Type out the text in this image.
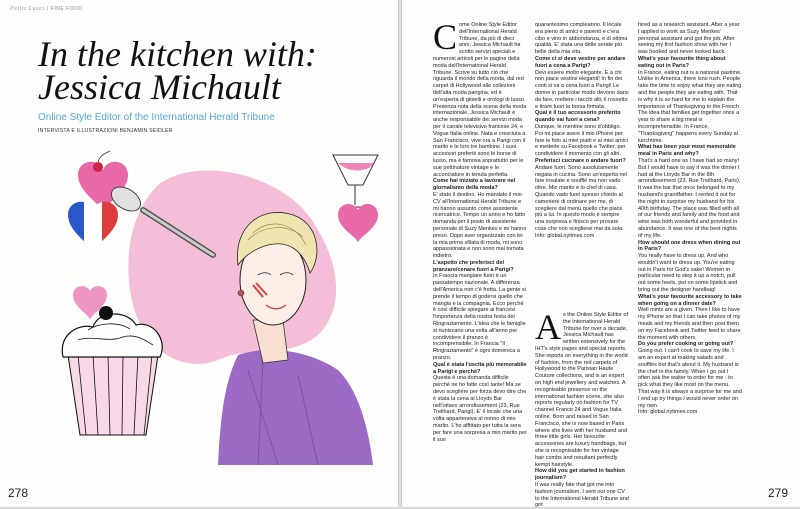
Petits Luxes | FINE FOOD
In the kitchen with:
Jessica Michault
Online Style Editor of the International Herald Tribune
INTERVISTA E ILLUSTRAZIONI BENJAMIN SEIDLER
278

Come Online Style Editor dell'International Herald Tribune, da più di dieci anni, Jessica Michault ha scritto servizi speciali e numerosi articoli per le pagine della moda dell'International Herald Tribune. Scrive su tutto ciò che riguarda il mondo della moda, dal red carpet di Hollywood alle collezioni dell'alta moda parigina, ed è un'esperta di gioielli e orologi di lusso. Presenza nota della scena della moda internazionale, Jessica Michault è anche responsabile dei servizi moda per il canale televisivo francese 24, e Vogue Italia online. Nata e cresciuta a San Francisco, vive ora a Parigi con il marito e le loro tre bambine. I suoi accessori preferiti sono le borse di lusso, ma è famosa soprattutto per le sue pettinature vintage e le acconciature in tenuta perfetta.

Come hai iniziato a lavorare nel giornalismo della moda?

E' stato il destino. Ho mandato il mio CV all'International Herald Tribune e mi hanno assunto come assistente ricercatrice. Tempo un anno e ho fatto domanda per il posto di assistente personale di Suzy Menkes e mi hanno preso. Dopo aver organizzato con lei la mia prima sfilata di moda, mi sono appassionata e non sono mai tornata indietro.

L'aspetto che preferisci del pranzare/cenare fuori a Parigi?

In Francia mangiare fuori è un passatempo nazionale. A differenza dell'America non c'è fretta. La gente si prende il tempo di godersi quello che mangia e la compagnia. Ecco perché è così difficile spiegare ai francesi l'importanza della nostra festa del Ringraziamento. L'idea che le famiglie si riuniscano una volta all'anno per condividere il pranzo è incomprensibile. In Francia "Il Ringraziamento" è ogni domenica a pranzo.

Qual è stata l'uscita più memorabile a Parigi e perché?

Questa è una domanda difficile perché ne ho fatte così tante! Ma se devo scegliere per forza devo dire che è stata la cena al Lloyds Bar nell'ottavo arrondissement (23, Rue Treilhard, Parigi). E' il locale che una volta apparteneva al nonno di mio marito. L'ho affittato per tutta la sera per fare una sorpresa a mio marito per il suo

quarantesimo compleanno. Il locale era pieno di amici e parenti e c'era cibo e vino in abbondanza, e di ottima qualità. E' stata una delle serate più belle della mia vita.

Come ci si deve vestire per andare fuori a cena a Parigi?

Devi essere molto elegante. E a chi non piace vestirsi eleganti! In fin dei conti si va a cena fuori a Parigi! Le donne in particolar modo devono darsi da fare, mettere i tacchi alti, il rossetto e tirare fuori la borsa firmata.

Qual è il tuo accessorio preferito quando vai fuori a cena?

Dunque, le mentine sono d'obbligo. Poi mi piace avere il mio iPhone per fare le foto ai miei piatti e ai miei amici e metterle su Facebook e Twitter, per condividere il momento con gli altri.

Preferisci cucinare o andare fuori?

Andare fuori. Sono assolutamente negata in cucina. Sono un'esperta nel fare insalate e soufflé ma non vado oltre. Mio marito è lo chef di casa. Quando vado fuori spesso chiedo al cameriere di ordinare per me, di scegliere dal menù quello che piace più a lui. In questo modo è sempre una sorpresa e finisco per provare cose che non sceglierei mai da sola.

Info: global.nytimes.com

As the Online Style Editor of the International Herald Tribune for over a decade, Jessica Michault has written extensively for the IHT's style pages and special reports. She reports on everything in the world of fashion, from the red carpets of Hollywood to the Parisian Haute Couture collections, and is an expert on high end jewellery and watches. A recognisable presence on the international fashion scene, she also reports regularly on fashion for TV channel France 24 and Vogue Italia online. Born and raised in San Francisco, she is now based in Paris where she lives with her husband and three little girls. Her favourite accessories are luxury handbags, but she is recognisable for her vintage hair combs and resultant perfectly kempt hairstyle.

How did you get started in fashion journalism?

It was really fate that got me into fashion journalism. I sent out one CV to the International Herald Tribune and got

hired as a research assistant. After a year I applied to work as Suzy Menkes' personal assistant and got the job. After seeing my first fashion show with her I was hooked and never looked back.

What's your favourite thing about eating out in Paris?

In France, eating out is a national pastime. Unlike in America, there isno rush. People take the time to enjoy what they are eating and the people they are eating with. That is why it is so hard for me to explain the importance of Thanksgiving to the French. The idea that families get together once a year to share a big meal is incomprehensible. In France, "Thanksgiving" happens every Sunday at lunchtime.

What has been your most memorable meal in Paris and why?

That's a hard one as I have had so many! But I would have to say it was the dinner I had at the Lloyds Bar in the 8th arrondissement (23, Rue Treilhard, Paris). It was the bar that once belonged to my husband's grandfather. I rented it out for the night to surprise my husband for his 40th birthday. The place was filled with all of our friends and family and the food and wine was both wonderful and provided in abundance. It was one of the best nights of my life.

How should one dress when dining out in Paris?

You really have to dress up. And who wouldn't want to dress up. You're eating out in Paris for God's sake! Women in particular need to step it up a notch, pull out some heels, put on some lipstick and bring out the designer handbag!

What's your favourite accessory to take when going on a dinner date?

Well mints are a given. Then I like to have my iPhone so that I can take photos of my meals and my friends and then post them on my Facebook and Twitter feed to share the moment with others.

Do you prefer cooking or going out?

Going out. I can't cook to save my life. I am an expert at making salads and soufflés but that's about it. My husband is the chef in the family. When I go out I often ask the waiter to order for me - to pick what they like most on the menu. That way it is always a surprise for me and I end up try things I would never order on my own.

Info: global.nytimes.com

279
